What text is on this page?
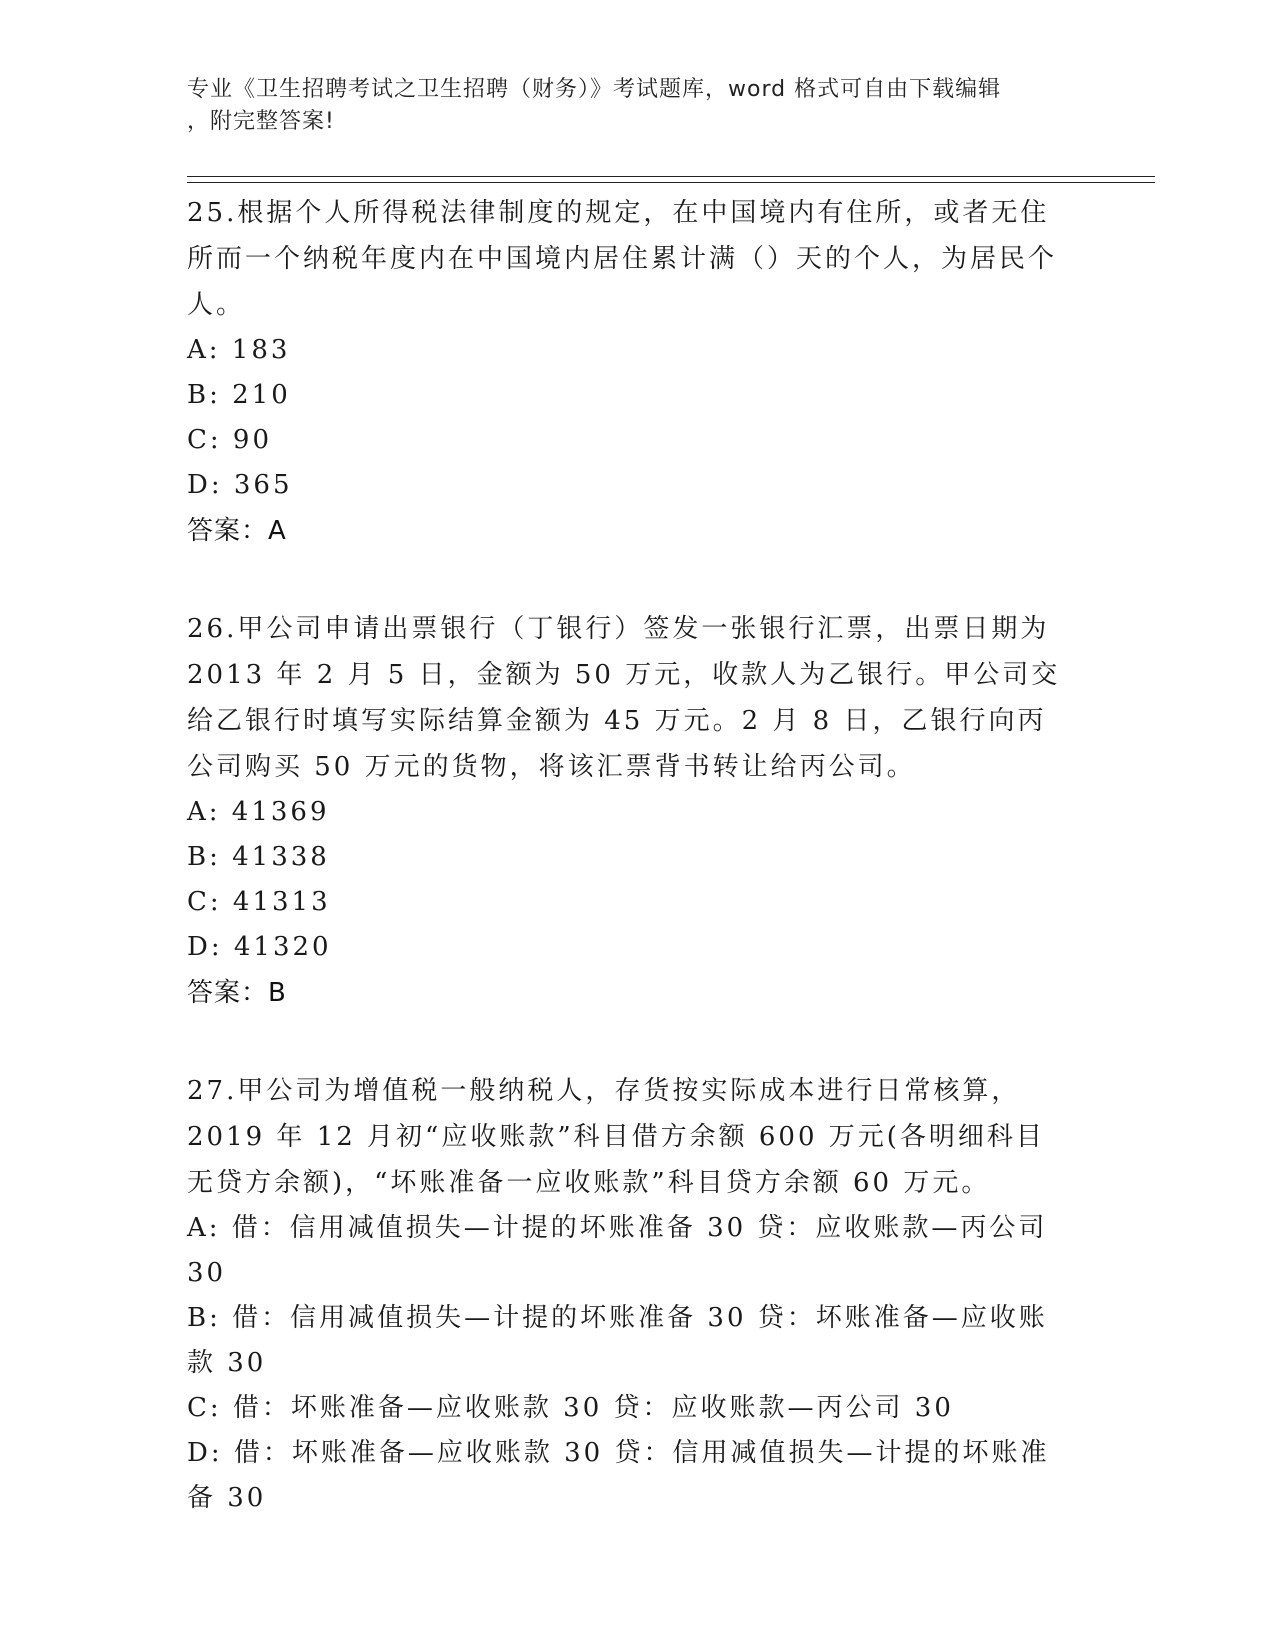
专业《卫生招聘考试之卫生招聘（财务）》考试题库，word 格式可自由下载编辑
，附完整答案!
25.根据个人所得税法律制度的规定，在中国境内有住所，或者无住所而一个纳税年度内在中国境内居住累计满（）天的个人，为居民个人。
A: 183
B: 210
C: 90
D: 365
答案：A
26.甲公司申请出票银行（丁银行）签发一张银行汇票，出票日期为 2013 年 2 月 5 日，金额为 50 万元，收款人为乙银行。甲公司交给乙银行时填写实际结算金额为 45 万元。2 月 8 日，乙银行向丙公司购买 50 万元的货物，将该汇票背书转让给丙公司。
A: 41369
B: 41338
C: 41313
D: 41320
答案：B
27.甲公司为增值税一般纳税人，存货按实际成本进行日常核算，2019 年 12 月初“应收账款”科目借方余额 600 万元(各明细科目无贷方余额)，“坏账准备一应收账款”科目贷方余额 60 万元。
A: 借：信用减值损失—计提的坏账准备 30 贷：应收账款—丙公司 30
B: 借：信用减值损失—计提的坏账准备 30 贷：坏账准备—应收账款 30
C: 借：坏账准备—应收账款 30 贷：应收账款—丙公司 30
D: 借：坏账准备—应收账款 30 贷：信用减值损失—计提的坏账准备 30
